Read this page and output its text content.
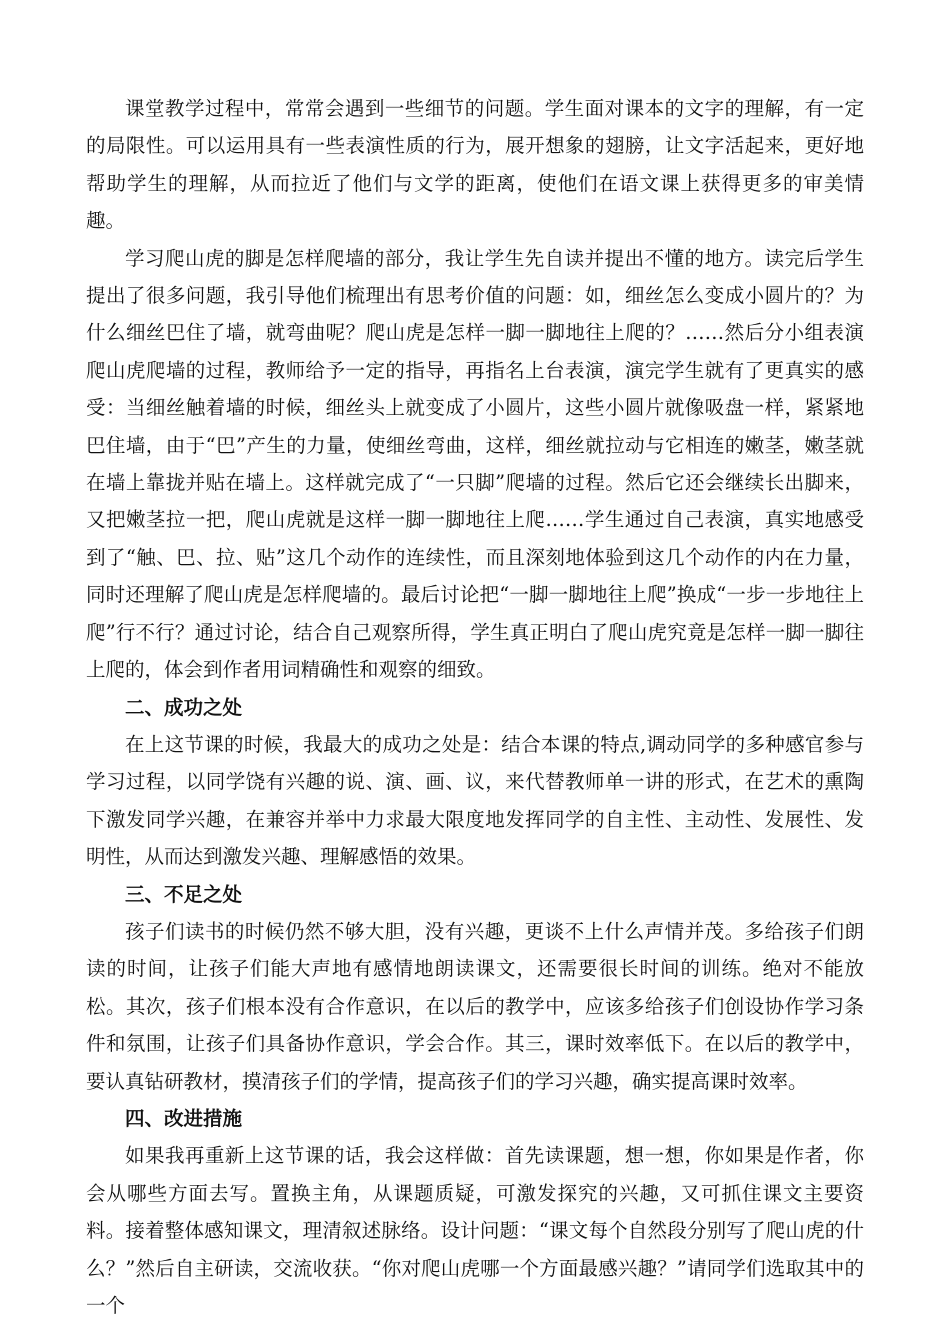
课堂教学过程中，常常会遇到一些细节的问题。学生面对课本的文字的理解，有一定的局限性。可以运用具有一些表演性质的行为，展开想象的翅膀，让文字活起来，更好地帮助学生的理解，从而拉近了他们与文学的距离，使他们在语文课上获得更多的审美情趣。

学习爬山虎的脚是怎样爬墙的部分，我让学生先自读并提出不懂的地方。读完后学生提出了很多问题，我引导他们梳理出有思考价值的问题：如，细丝怎么变成小圆片的？为什么细丝巴住了墙，就弯曲呢？爬山虎是怎样一脚一脚地往上爬的？……然后分小组表演爬山虎爬墙的过程，教师给予一定的指导，再指名上台表演，演完学生就有了更真实的感受：当细丝触着墙的时候，细丝头上就变成了小圆片，这些小圆片就像吸盘一样，紧紧地巴住墙，由于“巴”产生的力量，使细丝弯曲，这样，细丝就拉动与它相连的嫩茎，嫩茎就在墙上靠拢并贴在墙上。这样就完成了“一只脚”爬墙的过程。然后它还会继续长出脚来，又把嫩茎拉一把，爬山虎就是这样一脚一脚地往上爬……学生通过自己表演，真实地感受到了“触、巴、拉、贴”这几个动作的连续性，而且深刻地体验到这几个动作的内在力量，同时还理解了爬山虎是怎样爬墙的。最后讨论把“一脚一脚地往上爬”换成“一步一步地往上爬”行不行？通过讨论，结合自己观察所得，学生真正明白了爬山虎究竟是怎样一脚一脚往上爬的，体会到作者用词精确性和观察的细致。

二、成功之处

在上这节课的时候，我最大的成功之处是：结合本课的特点,调动同学的多种感官参与学习过程，以同学饶有兴趣的说、演、画、议，来代替教师单一讲的形式，在艺术的熏陶下激发同学兴趣，在兼容并举中力求最大限度地发挥同学的自主性、主动性、发展性、发明性，从而达到激发兴趣、理解感悟的效果。

三、不足之处

孩子们读书的时候仍然不够大胆，没有兴趣，更谈不上什么声情并茂。多给孩子们朗读的时间，让孩子们能大声地有感情地朗读课文，还需要很长时间的训练。绝对不能放松。其次，孩子们根本没有合作意识，在以后的教学中，应该多给孩子们创设协作学习条件和氛围，让孩子们具备协作意识，学会合作。其三，课时效率低下。在以后的教学中，要认真钻研教材，摸清孩子们的学情，提高孩子们的学习兴趣，确实提高课时效率。

四、改进措施

如果我再重新上这节课的话，我会这样做：首先读课题，想一想，你如果是作者，你会从哪些方面去写。置换主角，从课题质疑，可激发探究的兴趣，又可抓住课文主要资料。接着整体感知课文，理清叙述脉络。设计问题：“课文每个自然段分别写了爬山虎的什么？”然后自主研读，交流收获。“你对爬山虎哪一个方面最感兴趣？”请同学们选取其中的一个
